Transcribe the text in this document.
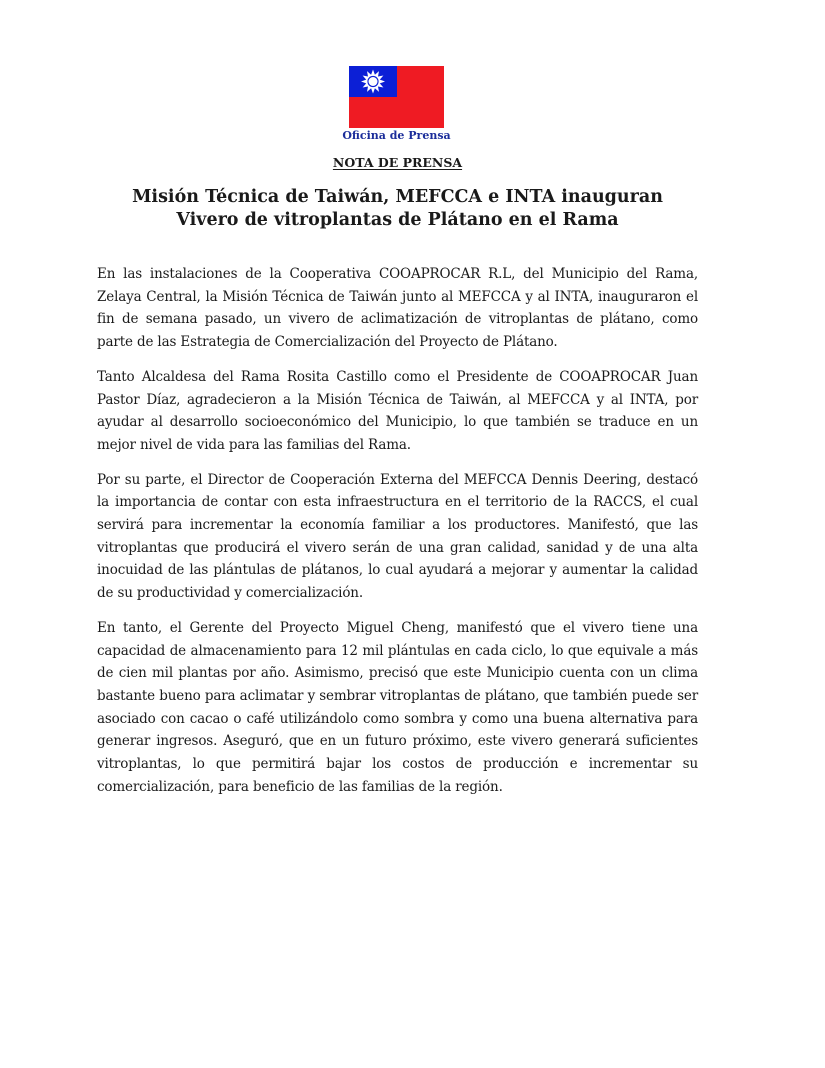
Oficina de Prensa
NOTA DE PRENSA
Misión Técnica de Taiwán, MEFCCA e INTA inauguran Vivero de vitroplantas de Plátano en el Rama

En las instalaciones de la Cooperativa COOAPROCAR R.L, del Municipio del Rama, Zelaya Central, la Misión Técnica de Taiwán junto al MEFCCA y al INTA, inauguraron el fin de semana pasado, un vivero de aclimatización de vitroplantas de plátano, como parte de las Estrategia de Comercialización del Proyecto de Plátano.

Tanto Alcaldesa del Rama Rosita Castillo como el Presidente de COOAPROCAR Juan Pastor Díaz, agradecieron a la Misión Técnica de Taiwán, al MEFCCA y al INTA, por ayudar al desarrollo socioeconómico del Municipio, lo que también se traduce en un mejor nivel de vida para las familias del Rama.

Por su parte, el Director de Cooperación Externa del MEFCCA Dennis Deering, destacó la importancia de contar con esta infraestructura en el territorio de la RACCS, el cual servirá para incrementar la economía familiar a los productores. Manifestó, que las vitroplantas que producirá el vivero serán de una gran calidad, sanidad y de una alta inocuidad de las plántulas de plátanos, lo cual ayudará a mejorar y aumentar la calidad de su productividad y comercialización.

En tanto, el Gerente del Proyecto Miguel Cheng, manifestó que el vivero tiene una capacidad de almacenamiento para 12 mil plántulas en cada ciclo, lo que equivale a más de cien mil plantas por año. Asimismo, precisó que este Municipio cuenta con un clima bastante bueno para aclimatar y sembrar vitroplantas de plátano, que también puede ser asociado con cacao o café utilizándolo como sombra y como una buena alternativa para generar ingresos. Aseguró, que en un futuro próximo, este vivero generará suficientes vitroplantas, lo que permitirá bajar los costos de producción e incrementar su comercialización, para beneficio de las familias de la región.
